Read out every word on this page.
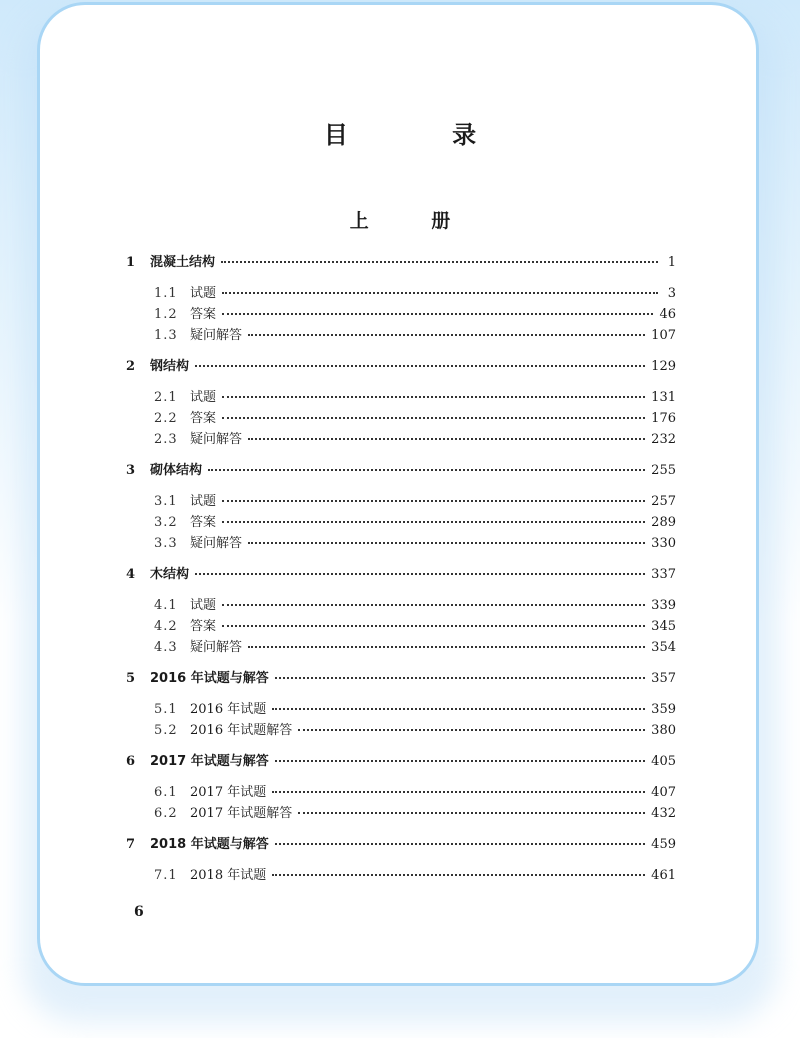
目 录
上 册
1	混凝土结构	1
1.1 试题	3
1.2 答案	46
1.3 疑问解答	107
2	钢结构	129
2.1 试题	131
2.2 答案	176
2.3 疑问解答	232
3	砌体结构	255
3.1 试题	257
3.2 答案	289
3.3 疑问解答	330
4	木结构	337
4.1 试题	339
4.2 答案	345
4.3 疑问解答	354
5	2016 年试题与解答	357
5.1 2016 年试题	359
5.2 2016 年试题解答	380
6	2017 年试题与解答	405
6.1 2017 年试题	407
6.2 2017 年试题解答	432
7	2018 年试题与解答	459
7.1 2018 年试题	461
6
